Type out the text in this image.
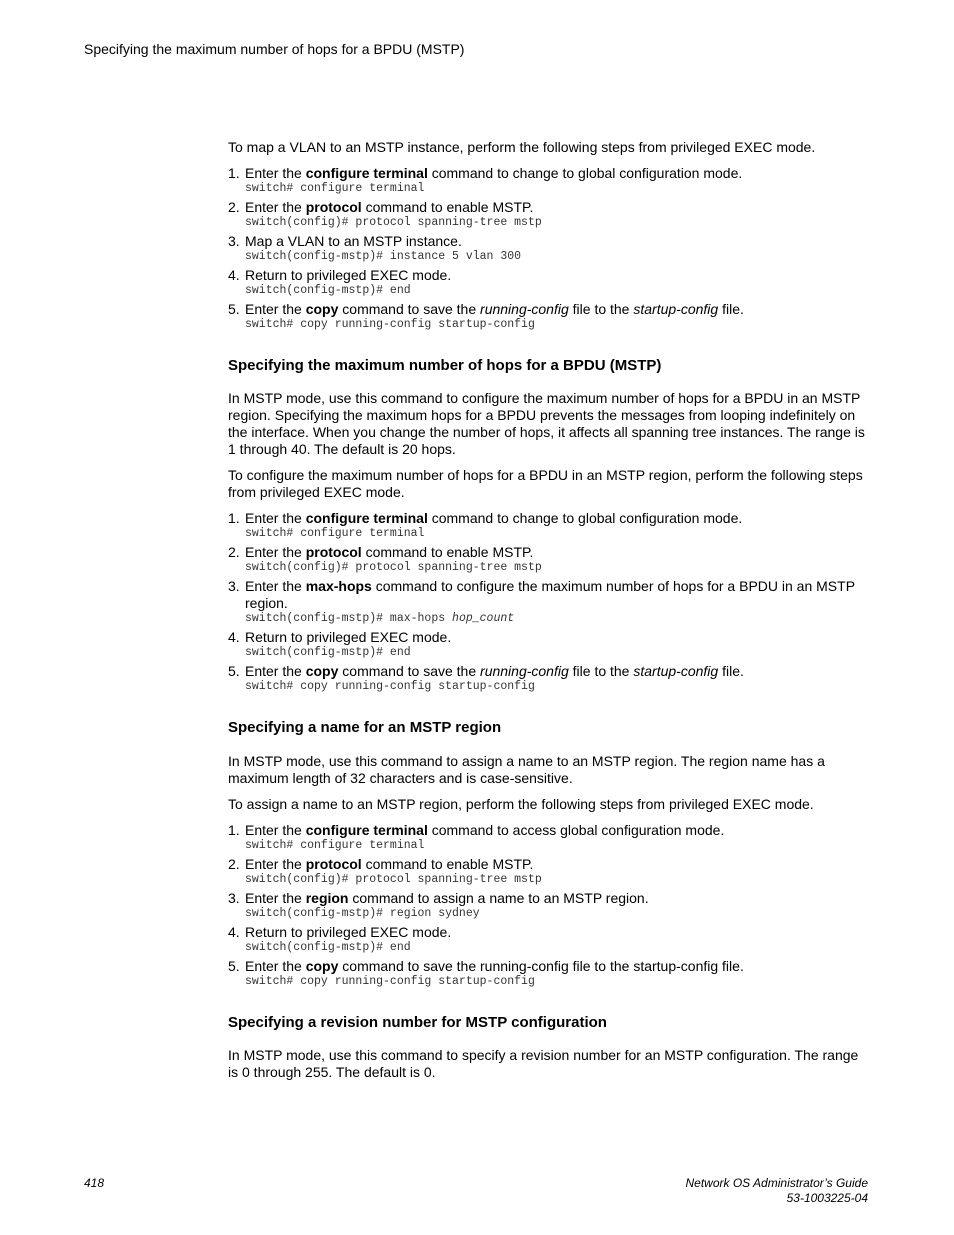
Specifying the maximum number of hops for a BPDU (MSTP)

To map a VLAN to an MSTP instance, perform the following steps from privileged EXEC mode.

1. Enter the configure terminal command to change to global configuration mode.
switch# configure terminal
2. Enter the protocol command to enable MSTP.
switch(config)# protocol spanning-tree mstp
3. Map a VLAN to an MSTP instance.
switch(config-mstp)# instance 5 vlan 300
4. Return to privileged EXEC mode.
switch(config-mstp)# end
5. Enter the copy command to save the running-config file to the startup-config file.
switch# copy running-config startup-config
Specifying the maximum number of hops for a BPDU (MSTP)

In MSTP mode, use this command to configure the maximum number of hops for a BPDU in an MSTP region. Specifying the maximum hops for a BPDU prevents the messages from looping indefinitely on the interface. When you change the number of hops, it affects all spanning tree instances. The range is 1 through 40. The default is 20 hops.

To configure the maximum number of hops for a BPDU in an MSTP region, perform the following steps from privileged EXEC mode.

1. Enter the configure terminal command to change to global configuration mode.
switch# configure terminal
2. Enter the protocol command to enable MSTP.
switch(config)# protocol spanning-tree mstp
3. Enter the max-hops command to configure the maximum number of hops for a BPDU in an MSTP region.
switch(config-mstp)# max-hops hop_count
4. Return to privileged EXEC mode.
switch(config-mstp)# end
5. Enter the copy command to save the running-config file to the startup-config file.
switch# copy running-config startup-config
Specifying a name for an MSTP region

In MSTP mode, use this command to assign a name to an MSTP region. The region name has a maximum length of 32 characters and is case-sensitive.

To assign a name to an MSTP region, perform the following steps from privileged EXEC mode.

1. Enter the configure terminal command to access global configuration mode.
switch# configure terminal
2. Enter the protocol command to enable MSTP.
switch(config)# protocol spanning-tree mstp
3. Enter the region command to assign a name to an MSTP region.
switch(config-mstp)# region sydney
4. Return to privileged EXEC mode.
switch(config-mstp)# end
5. Enter the copy command to save the running-config file to the startup-config file.
switch# copy running-config startup-config
Specifying a revision number for MSTP configuration

In MSTP mode, use this command to specify a revision number for an MSTP configuration. The range is 0 through 255. The default is 0.

418	Network OS Administrator’s Guide
53-1003225-04
